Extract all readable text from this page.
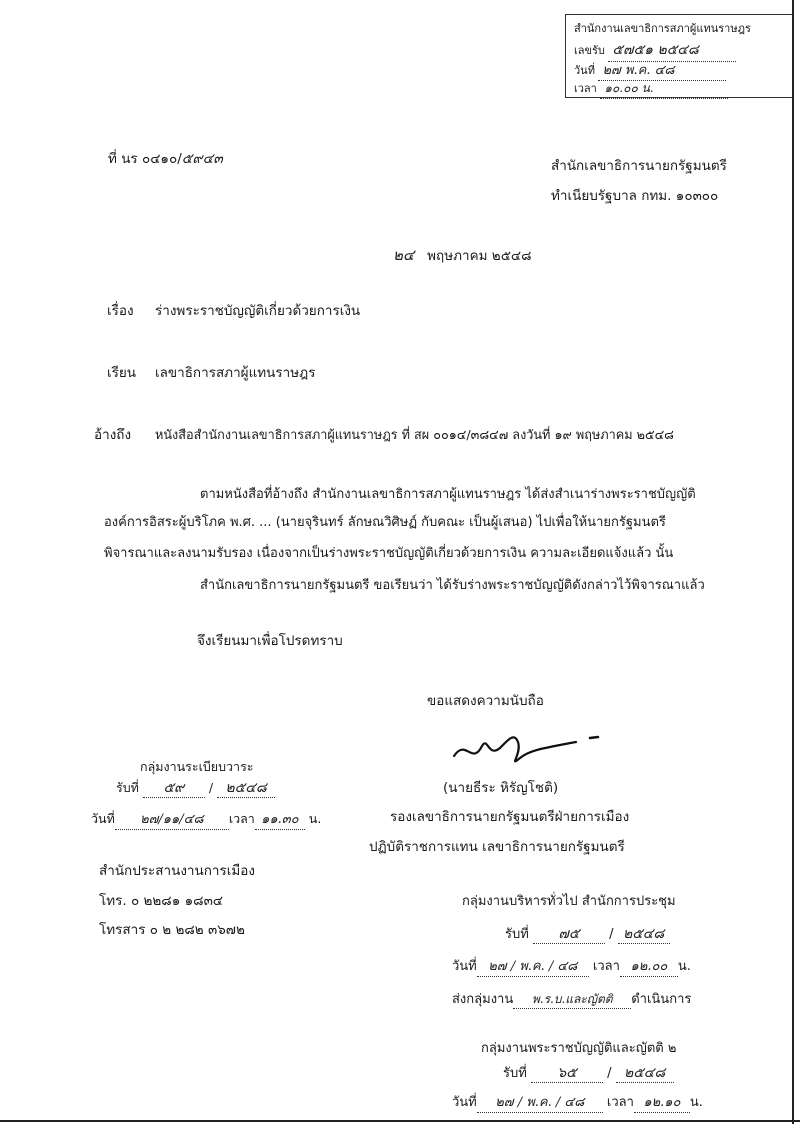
สำนักงานเลขาธิการสภาผู้แทนราษฎร
เลขรับ ๕๗๕๑ ๒๕๔๘
วันที่ ๒๗ พ.ค. ๔๘
เวลา ๑๐.๐๐ น.
ที่ นร ๐๔๑๐/๕๙๔๓	สำนักเลขาธิการนายกรัฐมนตรี
ทำเนียบรัฐบาล กทม. ๑๐๓๐๐
๒๔ พฤษภาคม ๒๕๔๘
เรื่อง ร่างพระราชบัญญัติเกี่ยวด้วยการเงิน
เรียน เลขาธิการสภาผู้แทนราษฎร
อ้างถึง หนังสือสำนักงานเลขาธิการสภาผู้แทนราษฎร ที่ สผ ๐๐๑๔/๓๘๔๗ ลงวันที่ ๑๙ พฤษภาคม ๒๕๔๘
ตามหนังสือที่อ้างถึง สำนักงานเลขาธิการสภาผู้แทนราษฎร ได้ส่งสำเนาร่างพระราชบัญญัติ
องค์การอิสระผู้บริโภค พ.ศ. ... (นายจุรินทร์ ลักษณวิศิษฏ์ กับคณะ เป็นผู้เสนอ) ไปเพื่อให้นายกรัฐมนตรี
พิจารณาและลงนามรับรอง เนื่องจากเป็นร่างพระราชบัญญัติเกี่ยวด้วยการเงิน ความละเอียดแจ้งแล้ว นั้น
สำนักเลขาธิการนายกรัฐมนตรี ขอเรียนว่า ได้รับร่างพระราชบัญญัติดังกล่าวไว้พิจารณาแล้ว
จึงเรียนมาเพื่อโปรดทราบ
ขอแสดงความนับถือ
(นายธีระ หิรัญโชติ)
รองเลขาธิการนายกรัฐมนตรีฝ่ายการเมือง
ปฏิบัติราชการแทน เลขาธิการนายกรัฐมนตรี
กลุ่มงานระเบียบวาระ
รับที่ ๕๙ / ๒๕๔๘
วันที่ ๒๗/๑๑/๔๘ เวลา ๑๑.๓๐ น.
สำนักประสานงานการเมือง
โทร. ๐ ๒๒๘๑ ๑๘๓๔
โทรสาร ๐ ๒ ๒๘๒ ๓๖๗๒
กลุ่มงานบริหารทั่วไป สำนักการประชุม
รับที่ ๗๕ / ๒๕๔๘
วันที่ ๒๗ / พ.ค. / ๔๘ เวลา ๑๒.๐๐ น.
ส่งกลุ่มงาน พ.ร.บ.และญัตติ ดำเนินการ
กลุ่มงานพระราชบัญญัติและญัตติ ๒
รับที่ ๖๕ / ๒๕๔๘
วันที่ ๒๗ / พ.ค. / ๔๘ เวลา ๑๒.๑๐ น.
